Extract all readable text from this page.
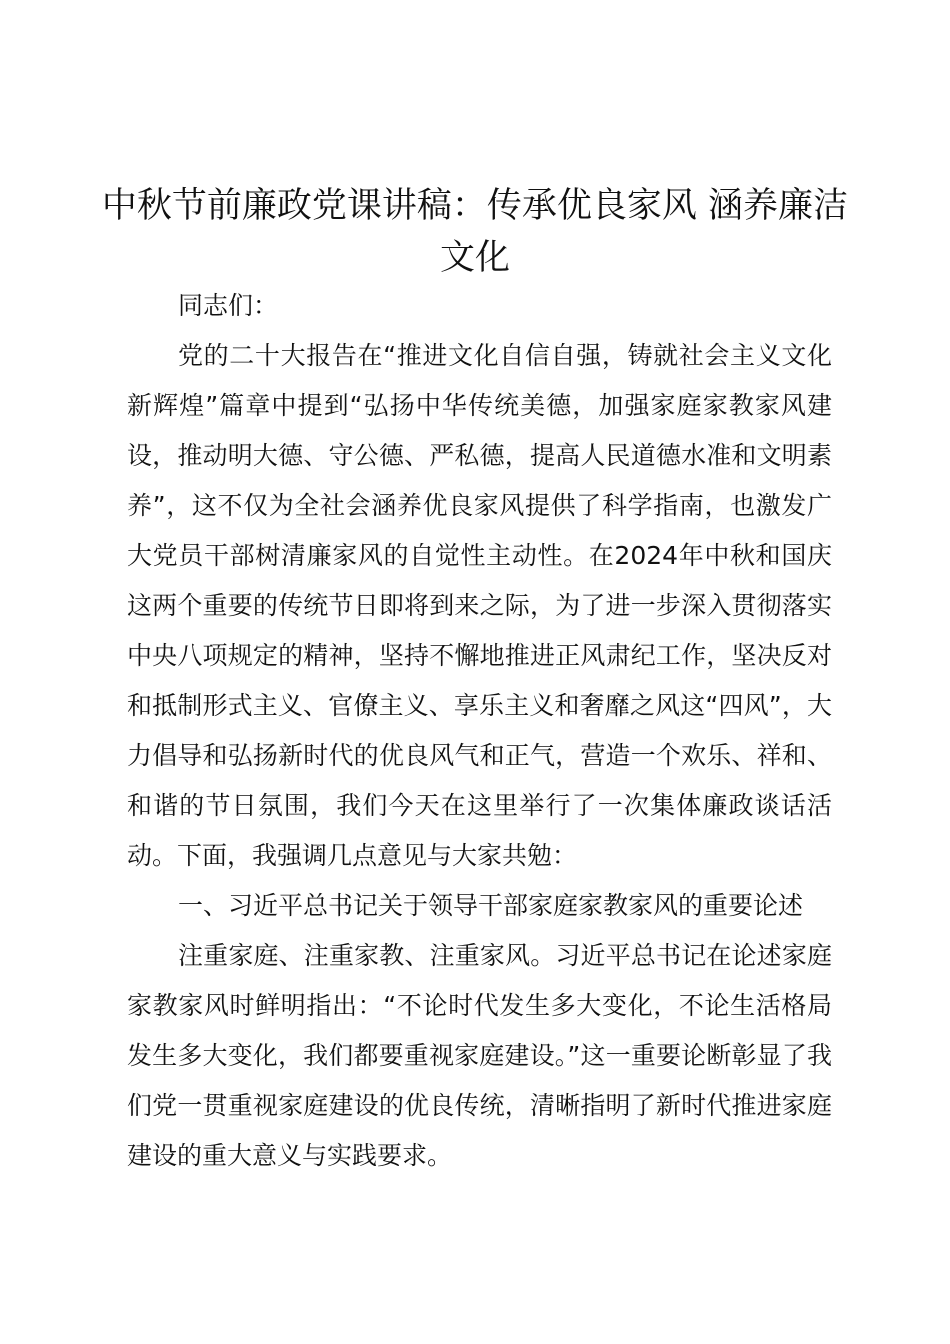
中秋节前廉政党课讲稿：传承优良家风 涵养廉洁文化

同志们：

党的二十大报告在“推进文化自信自强，铸就社会主义文化新辉煌”篇章中提到“弘扬中华传统美德，加强家庭家教家风建设，推动明大德、守公德、严私德，提高人民道德水准和文明素养”，这不仅为全社会涵养优良家风提供了科学指南，也激发广大党员干部树清廉家风的自觉性主动性。在2024年中秋和国庆这两个重要的传统节日即将到来之际，为了进一步深入贯彻落实中央八项规定的精神，坚持不懈地推进正风肃纪工作，坚决反对和抵制形式主义、官僚主义、享乐主义和奢靡之风这“四风”，大力倡导和弘扬新时代的优良风气和正气，营造一个欢乐、祥和、和谐的节日氛围，我们今天在这里举行了一次集体廉政谈话活动。下面，我强调几点意见与大家共勉：

一、习近平总书记关于领导干部家庭家教家风的重要论述

注重家庭、注重家教、注重家风。习近平总书记在论述家庭家教家风时鲜明指出：“不论时代发生多大变化，不论生活格局发生多大变化，我们都要重视家庭建设。”这一重要论断彰显了我们党一贯重视家庭建设的优良传统，清晰指明了新时代推进家庭建设的重大意义与实践要求。
